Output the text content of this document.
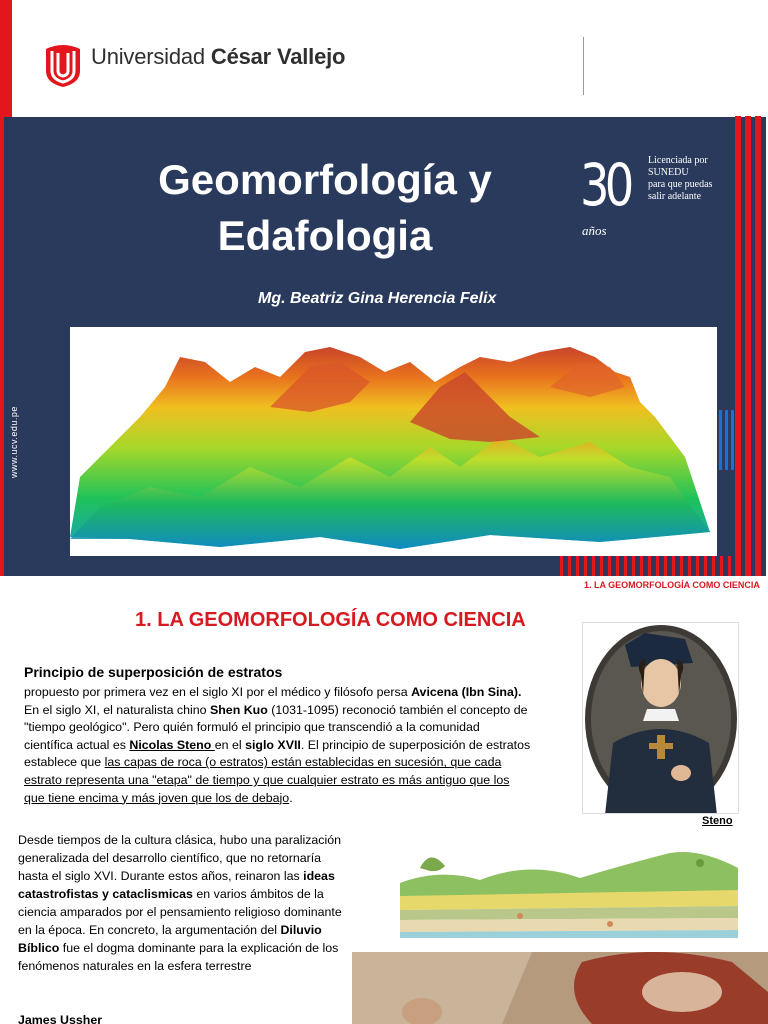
Universidad César Vallejo
Geomorfología y
Edafologia
Mg. Beatriz Gina Herencia Felix
30
años
Licenciada por
SUNEDU
para que puedas
salir adelante
www.ucv.edu.pe
1. LA GEOMORFOLOGÍA COMO CIENCIA
1. LA GEOMORFOLOGÍA COMO CIENCIA
Steno
Principio de superposición de estratos

propuesto por primera vez en el siglo XI por el médico y filósofo persa Avicena (Ibn Sina). En el siglo XI, el naturalista chino Shen Kuo (1031-1095) reconoció también el concepto de "tiempo geológico". Pero quién formuló el principio que transcendió a la comunidad científica actual es Nicolas Steno en el siglo XVII. El principio de superposición de estratos establece que las capas de roca (o estratos) están establecidas en sucesión, que cada estrato representa una "etapa" de tiempo y que cualquier estrato es más antiguo que los que tiene encima y más joven que los de debajo.

Desde tiempos de la cultura clásica, hubo una paralización generalizada del desarrollo científico, que no retornaría hasta el siglo XVI. Durante estos años, reinaron las ideas catastrofistas y cataclismicas en varios ámbitos de la ciencia amparados por el pensamiento religioso dominante en la época. En concreto, la argumentación del Diluvio Bíblico fue el dogma dominante para la explicación de los fenómenos naturales en la esfera terrestre

James Ussher
